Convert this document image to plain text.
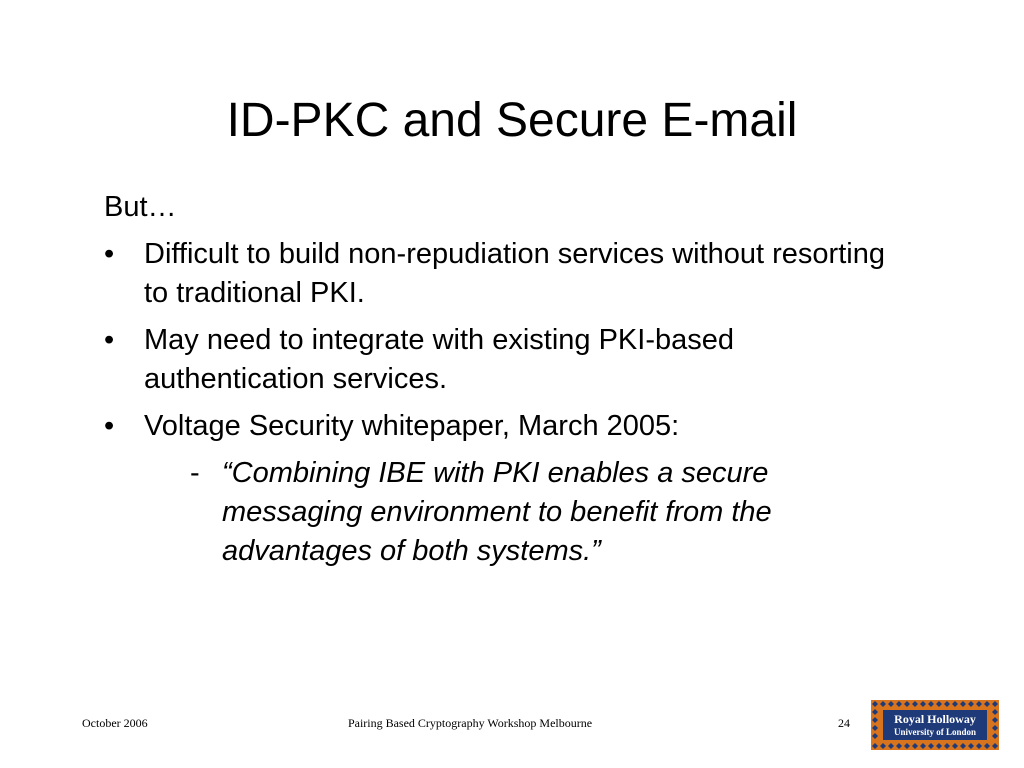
ID-PKC and Secure E-mail
But…
• Difficult to build non-repudiation services without resorting to traditional PKI.
• May need to integrate with existing PKI-based authentication services.
• Voltage Security whitepaper, March 2005:
- “Combining IBE with PKI enables a secure messaging environment to benefit from the advantages of both systems.”
October 2006	Pairing Based Cryptography Workshop Melbourne	24	Royal Holloway
University of London
